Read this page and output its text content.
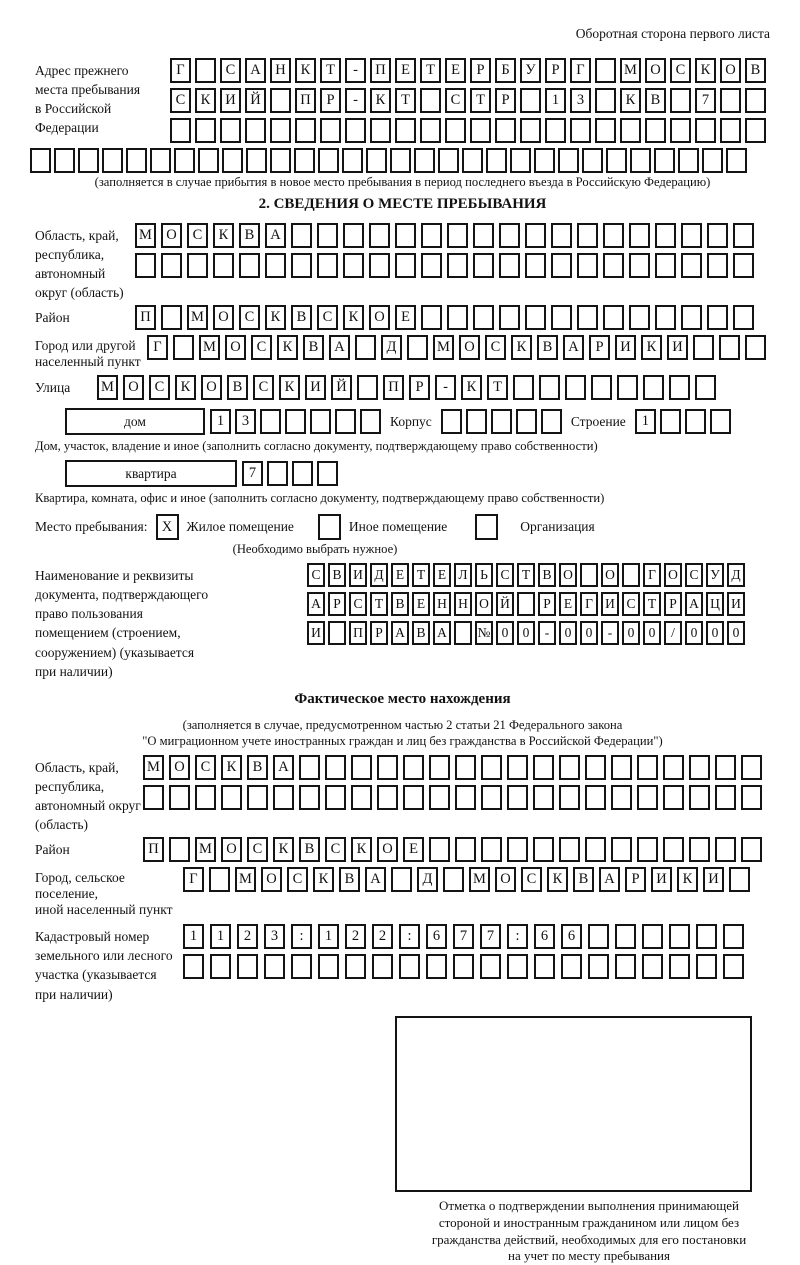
Оборотная сторона первого листа
Адрес прежнего
места пребывания
в Российской
Федерации
Г	С	А	Н	К	Т	-	П	Е	Т	Е	Р	Б	У	Р	Г	М О	С	К	О	В
С	К	И	Й	П	Р	-	К	Т	С	Т	Р	1	3	К	В	7
(заполняется в случае прибытия в новое место пребывания в период последнего въезда в Российскую Федерацию)
2. СВЕДЕНИЯ О МЕСТЕ ПРЕБЫВАНИЯ
Область, край,
республика,
автономный
округ (область)
М О	С	К	В	А
Район	П	М О	С	К	В	С	К	О	Е
Город или другой
населенный пункт
Г	М О	С	К	В	А	Д	М О	С	К	В	А	Р	И	К	И
Улица	М О	С	К	О	В	С	К	И	Й	П	Р	-	К	Т
дом	1	3	Корпус	Строение	1
Дом, участок, владение и иное (заполнить согласно документу, подтверждающему право собственности)
квартира	7
Квартира, комната, офис и иное (заполнить согласно документу, подтверждающему право собственности)
Место пребывания: X	Жилое помещение	Иное помещение	Организация
(Необходимо выбрать нужное)
Наименование и реквизиты
документа, подтверждающего
право пользования
помещением (строением,
сооружением) (указывается
при наличии)
С В И Д Е Т Е Л Ь С Т В О	О	Г О С У Д
А Р С Т В Е Н Н О Й	Р Е Г И С Т Р А Ц И
И	П Р А В А	№ 0	0	-	0	0	-	0	0	/	0	0	0
Фактическое место нахождения
(заполняется в случае, предусмотренном частью 2 статьи 21 Федерального закона
"О миграционном учете иностранных граждан и лиц без гражданства в Российской Федерации")
Область, край,
республика,
автономный округ
(область)
М О	С	К	В	А
Район	П	М О	С	К	В	С	К	О	Е
Город, сельское поселение,
иной населенный пункт
Г	М О	С	К	В	А	Д	М О	С	К	В	А	Р	И	К	И
Кадастровый номер
земельного или лесного
участка (указывается
при наличии)
1	1	2	3	:	1	2	2	:	6	7	7	:	6	6
Отметка о подтверждении выполнения принимающей
стороной и иностранным гражданином или лицом без
гражданства действий, необходимых для его постановки
на учет по месту пребывания
